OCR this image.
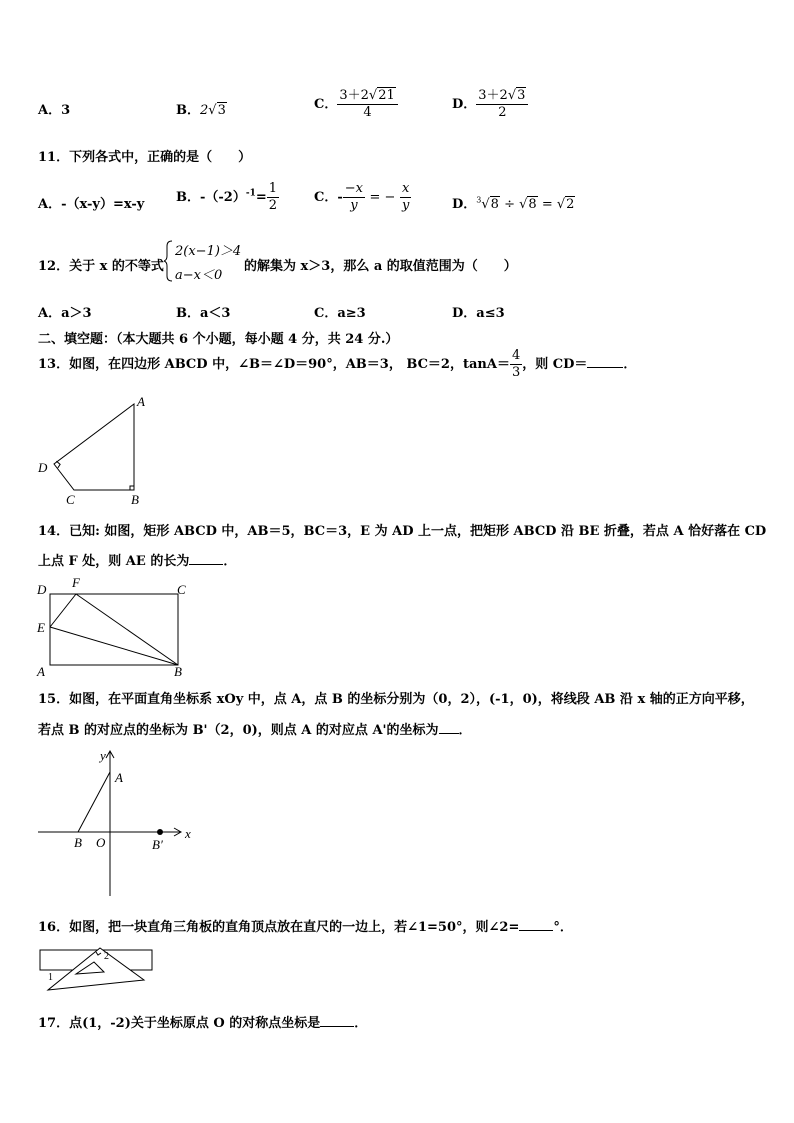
A．3	B．2√3	C． $\frac{3+2√21}{4}$	D． $\frac{3+2√3}{2}$
11．下列各式中，正确的是（　　）
A．-（x-y）=x-y B．$-(-2)^{-1}= \frac{1}{2}$	C．- $\frac{-x}{y}$ = − $\frac{x}{y}$	D．$^3$√8 ÷ √8 = √2
12．关于 x 的不等式
2(x−1)＞4
a−x＜0
的解集为 x＞3，那么 a 的取值范围为（　　）
A．a＞3	B．a＜3	C．a≥3	D．a≤3
二、填空题：（本大题共 6 个小题，每小题 4 分，共 24 分.）
13．如图，在四边形 ABCD 中，∠B＝∠D＝90°，AB＝3， BC＝2，$\tan A= \frac{4}{3}$ ，则 CD＝	．
A
B
C
D
14．已知: 如图，矩形 ABCD 中，AB＝5，BC＝3，E 为 AD 上一点，把矩形 ABCD 沿 BE 折叠，若点 A 恰好落在 CD
上点 F 处，则 AE 的长为	．
D F	C
E
A	B
15．如图，在平面直角坐标系 xOy 中，点 A，点 B 的坐标分别为（0，2），(-1，0)，将线段 AB 沿 x 轴的正方向平移，
若点 B 的对应点的坐标为 B'（2，0)，则点 A 的对应点 A'的坐标为 ．
y
x
A
B O	B′
16．如图，把一块直角三角板的直角顶点放在直尺的一边上，若∠1=50°，则∠2=	°．
1
2
17．点(1，-2)关于坐标原点 O 的对称点坐标是	．
